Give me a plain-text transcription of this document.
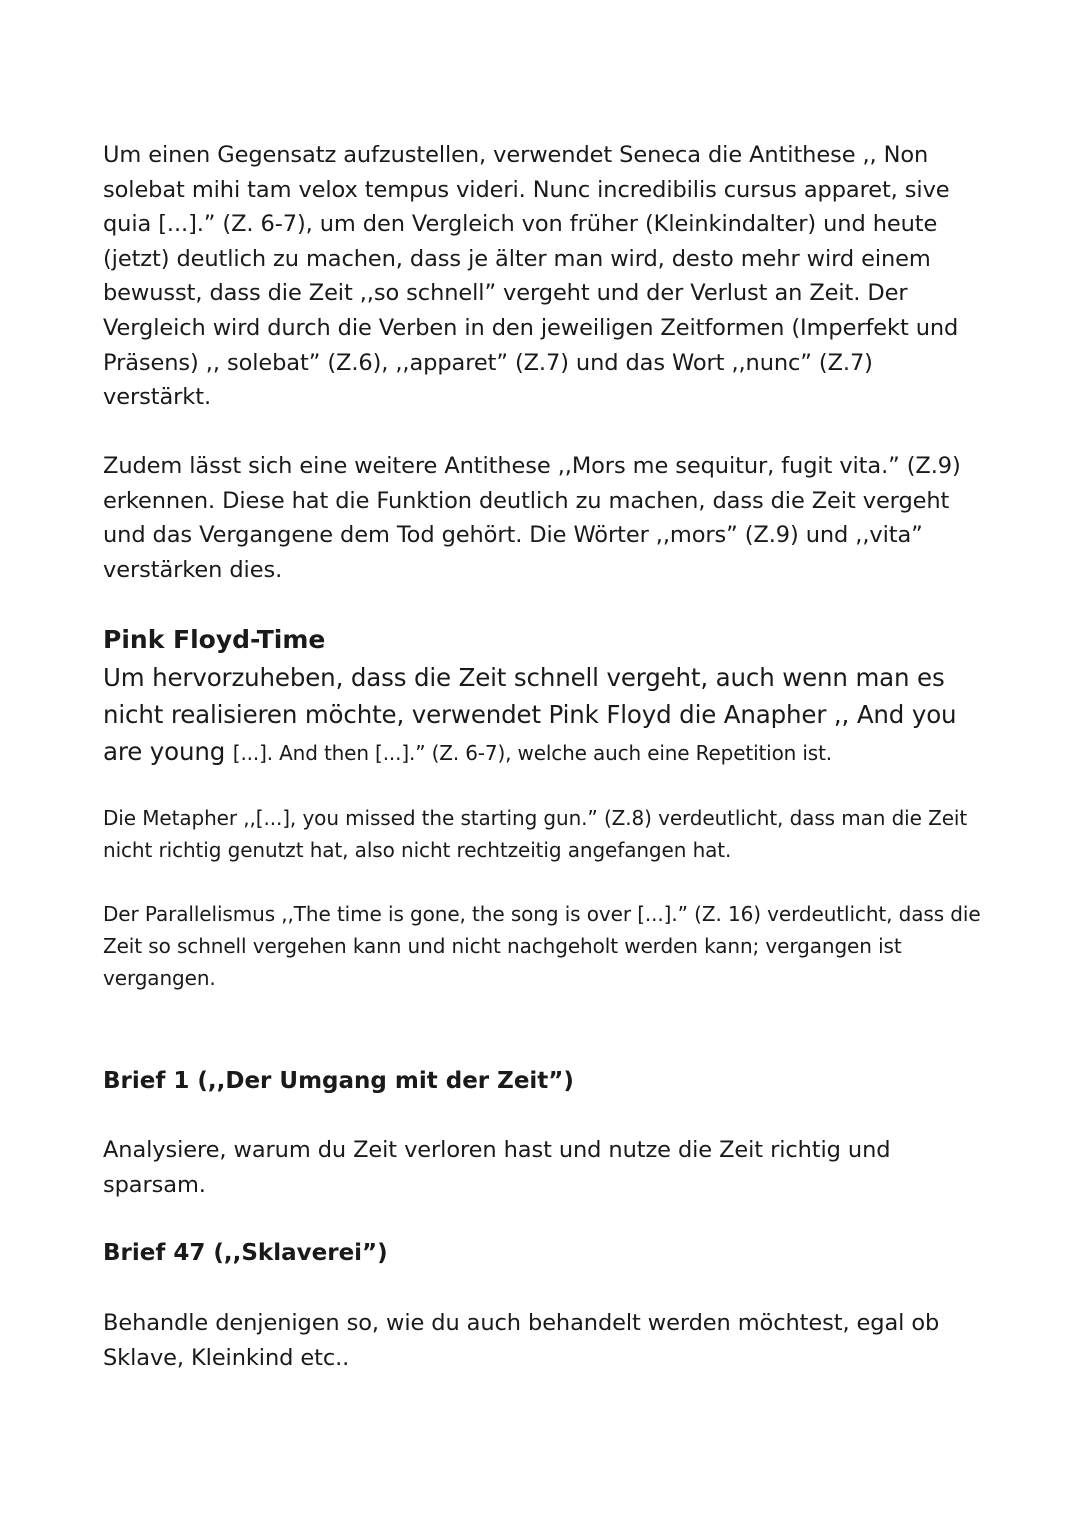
Um einen Gegensatz aufzustellen, verwendet Seneca die Antithese ,, Non solebat mihi tam velox tempus videri. Nunc incredibilis cursus apparet, sive quia [...].” (Z. 6-7), um den Vergleich von früher (Kleinkindalter) und heute (jetzt) deutlich zu machen, dass je älter man wird, desto mehr wird einem bewusst, dass die Zeit ,,so schnell” vergeht und der Verlust an Zeit. Der Vergleich wird durch die Verben in den jeweiligen Zeitformen (Imperfekt und Präsens) ,, solebat” (Z.6), ,,apparet” (Z.7) und das Wort ,,nunc” (Z.7) verstärkt.

Zudem lässt sich eine weitere Antithese ,,Mors me sequitur, fugit vita.” (Z.9) erkennen. Diese hat die Funktion deutlich zu machen, dass die Zeit vergeht und das Vergangene dem Tod gehört. Die Wörter ,,mors” (Z.9) und ,,vita” verstärken dies.

Pink Floyd-Time

Um hervorzuheben, dass die Zeit schnell vergeht, auch wenn man es nicht realisieren möchte, verwendet Pink Floyd die Anapher ,, And you are young [...]. And then [...].” (Z. 6-7), welche auch eine Repetition ist.

Die Metapher ,,[...], you missed the starting gun.” (Z.8) verdeutlicht, dass man die Zeit nicht richtig genutzt hat, also nicht rechtzeitig angefangen hat.

Der Parallelismus ,,The time is gone, the song is over [...].” (Z. 16) verdeutlicht, dass die Zeit so schnell vergehen kann und nicht nachgeholt werden kann; vergangen ist vergangen.

Brief 1 (,,Der Umgang mit der Zeit”)

Analysiere, warum du Zeit verloren hast und nutze die Zeit richtig und sparsam.

Brief 47 (,,Sklaverei”)

Behandle denjenigen so, wie du auch behandelt werden möchtest, egal ob Sklave, Kleinkind etc..
